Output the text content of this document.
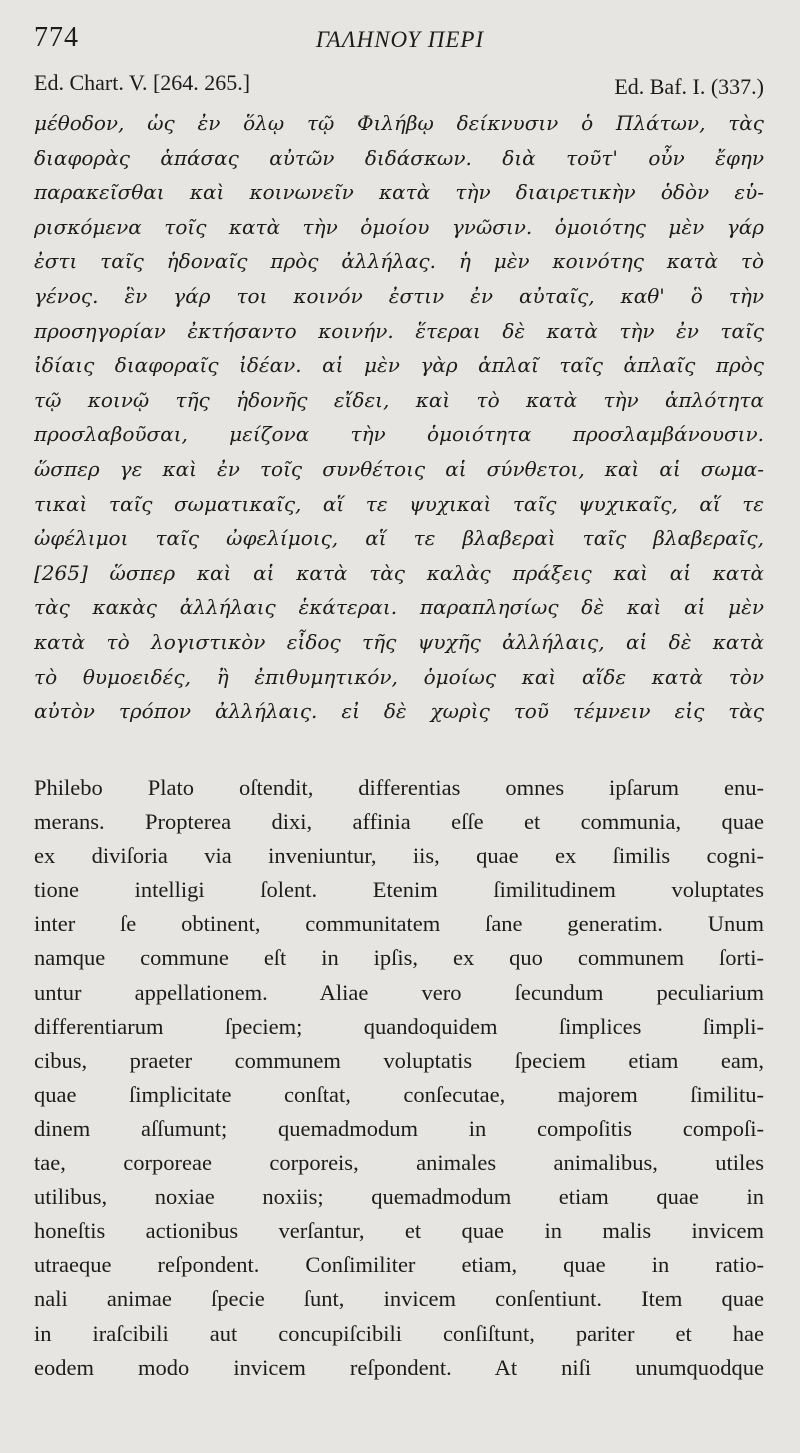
774	ΓΑΛΗΝΟΥ ΠΕΡΙ
Ed. Chart. V. [264. 265.]	Ed. Baf. I. (337.)
μέθοδον, ὡς ἐν ὅλῳ τῷ Φιλήβῳ δείκνυσιν ὁ Πλάτων, τὰς
διαφορὰς ἁπάσας αὐτῶν διδάσκων. διὰ τοῦτ' οὖν ἔφην
παρακεῖσθαι καὶ κοινωνεῖν κατὰ τὴν διαιρετικὴν ὁδὸν εὑ-
ρισκόμενα τοῖς κατὰ τὴν ὁμοίου γνῶσιν. ὁμοιότης μὲν γάρ
ἐστι ταῖς ἡδοναῖς πρὸς ἀλλήλας. ἡ μὲν κοινότης κατὰ τὸ
γένος. ἓν γάρ τοι κοινόν ἐστιν ἐν αὐταῖς, καθ' ὃ τὴν
προσηγορίαν ἐκτήσαντο κοινήν. ἕτεραι δὲ κατὰ τὴν ἐν ταῖς
ἰδίαις διαφοραῖς ἰδέαν. αἱ μὲν γὰρ ἁπλαῖ ταῖς ἁπλαῖς πρὸς
τῷ κοινῷ τῆς ἡδονῆς εἴδει, καὶ τὸ κατὰ τὴν ἁπλότητα
προσλαβοῦσαι, μείζονα τὴν ὁμοιότητα προσλαμβάνουσιν.
ὥσπερ γε καὶ ἐν τοῖς συνθέτοις αἱ σύνθετοι, καὶ αἱ σωμα-
τικαὶ ταῖς σωματικαῖς, αἵ τε ψυχικαὶ ταῖς ψυχικαῖς, αἵ τε
ὠφέλιμοι ταῖς ὠφελίμοις, αἵ τε βλαβεραὶ ταῖς βλαβεραῖς,
[265] ὥσπερ καὶ αἱ κατὰ τὰς καλὰς πράξεις καὶ αἱ κατὰ
τὰς κακὰς ἀλλήλαις ἑκάτεραι. παραπλησίως δὲ καὶ αἱ μὲν
κατὰ τὸ λογιστικὸν εἶδος τῆς ψυχῆς ἀλλήλαις, αἱ δὲ κατὰ
τὸ θυμοειδές, ἢ ἐπιθυμητικόν, ὁμοίως καὶ αἵδε κατὰ τὸν
αὐτὸν τρόπον ἀλλήλαις. εἰ δὲ χωρὶς τοῦ τέμνειν εἰς τὰς
Philebo Plato oſtendit, differentias omnes ipſarum enu-
merans. Propterea dixi, affinia eſſe et communia, quae
ex diviſoria via inveniuntur, iis, quae ex ſimilis cogni-
tione intelligi ſolent. Etenim ſimilitudinem voluptates
inter ſe obtinent, communitatem ſane generatim. Unum
namque commune eſt in ipſis, ex quo communem ſorti-
untur appellationem. Aliae vero ſecundum peculiarium
differentiarum ſpeciem; quandoquidem ſimplices ſimpli-
cibus, praeter communem voluptatis ſpeciem etiam eam,
quae ſimplicitate conſtat, conſecutae, majorem ſimilitu-
dinem aſſumunt; quemadmodum in compoſitis compoſi-
tae, corporeae corporeis, animales animalibus, utiles
utilibus, noxiae noxiis; quemadmodum etiam quae in
honeſtis actionibus verſantur, et quae in malis invicem
utraeque reſpondent. Conſimiliter etiam, quae in ratio-
nali animae ſpecie ſunt, invicem conſentiunt. Item quae
in iraſcibili aut concupiſcibili conſiſtunt, pariter et hae
eodem modo invicem reſpondent. At niſi unumquodque
